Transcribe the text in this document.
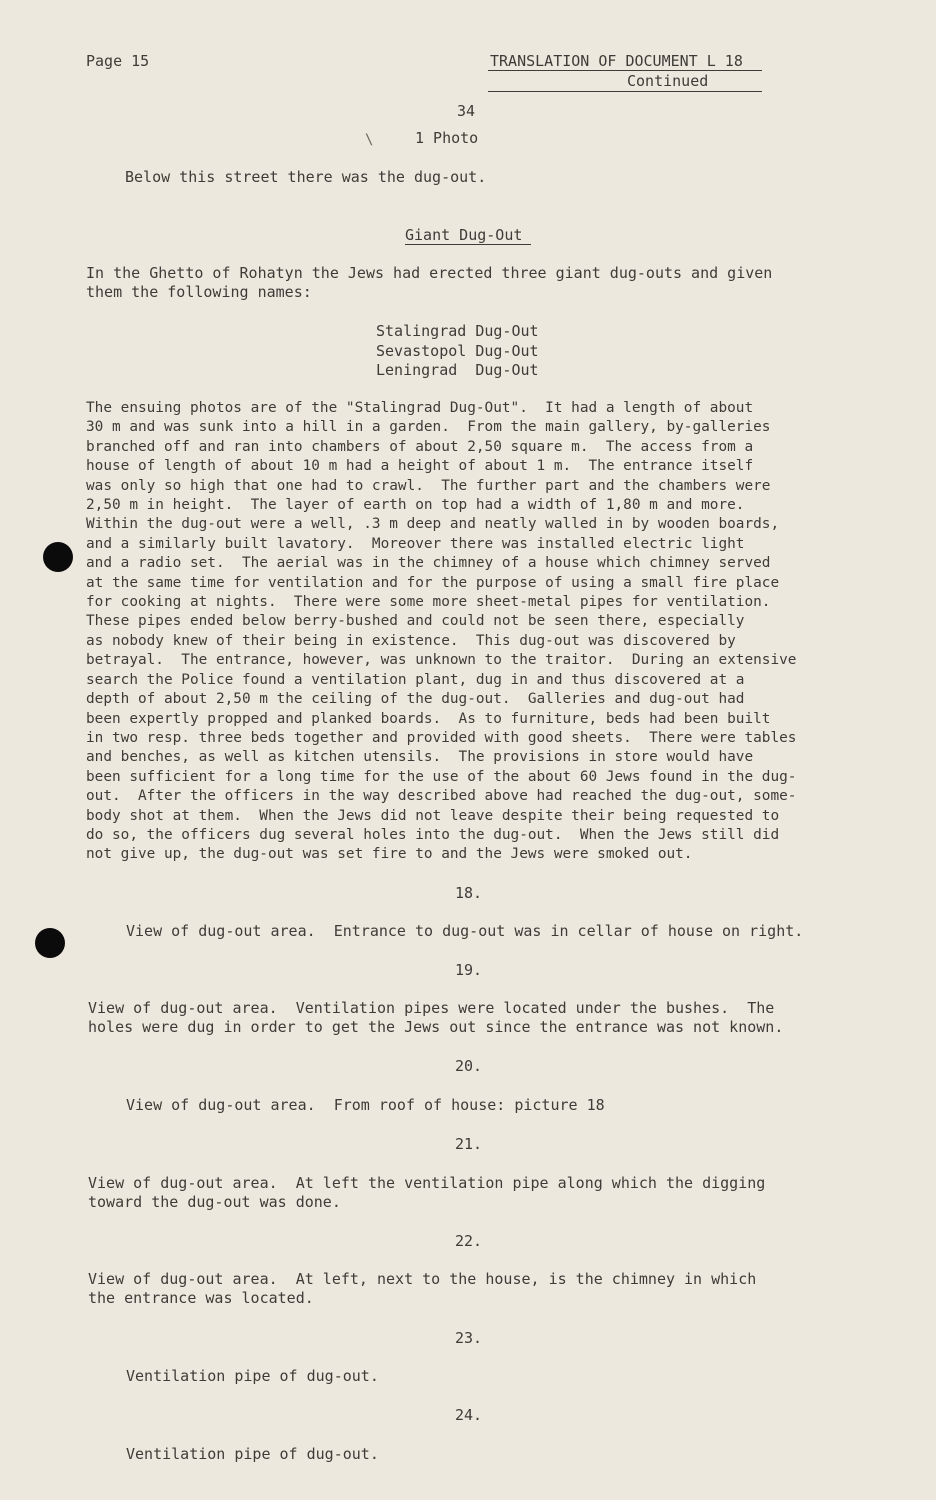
Page 15	TRANSLATION OF DOCUMENT L 18

Continued

34

\	1 Photo

Below this street there was the dug-out.

Giant Dug-Out

In the Ghetto of Rohatyn the Jews had erected three giant dug-outs and given
them the following names:

Stalingrad Dug-Out

Sevastopol Dug-Out

Leningrad  Dug-Out

The ensuing photos are of the "Stalingrad Dug-Out".  It had a length of about
30 m and was sunk into a hill in a garden.  From the main gallery, by-galleries
branched off and ran into chambers of about 2,50 square m.  The access from a
house of length of about 10 m had a height of about 1 m.  The entrance itself
was only so high that one had to crawl.  The further part and the chambers were
2,50 m in height.  The layer of earth on top had a width of 1,80 m and more.
Within the dug-out were a well, .3 m deep and neatly walled in by wooden boards,
and a similarly built lavatory.  Moreover there was installed electric light
and a radio set.  The aerial was in the chimney of a house which chimney served
at the same time for ventilation and for the purpose of using a small fire place
for cooking at nights.  There were some more sheet-metal pipes for ventilation.
These pipes ended below berry-bushed and could not be seen there, especially
as nobody knew of their being in existence.  This dug-out was discovered by
betrayal.  The entrance, however, was unknown to the traitor.  During an extensive
search the Police found a ventilation plant, dug in and thus discovered at a
depth of about 2,50 m the ceiling of the dug-out.  Galleries and dug-out had
been expertly propped and planked boards.  As to furniture, beds had been built
in two resp. three beds together and provided with good sheets.  There were tables
and benches, as well as kitchen utensils.  The provisions in store would have
been sufficient for a long time for the use of the about 60 Jews found in the dug-
out.  After the officers in the way described above had reached the dug-out, some-
body shot at them.  When the Jews did not leave despite their being requested to
do so, the officers dug several holes into the dug-out.  When the Jews still did
not give up, the dug-out was set fire to and the Jews were smoked out.

18.

View of dug-out area.  Entrance to dug-out was in cellar of house on right.

19.

View of dug-out area.  Ventilation pipes were located under the bushes.  The
holes were dug in order to get the Jews out since the entrance was not known.

20.

View of dug-out area.  From roof of house: picture 18

21.

View of dug-out area.  At left the ventilation pipe along which the digging
toward the dug-out was done.

22.

View of dug-out area.  At left, next to the house, is the chimney in which
the entrance was located.

23.

Ventilation pipe of dug-out.

24.

Ventilation pipe of dug-out.
